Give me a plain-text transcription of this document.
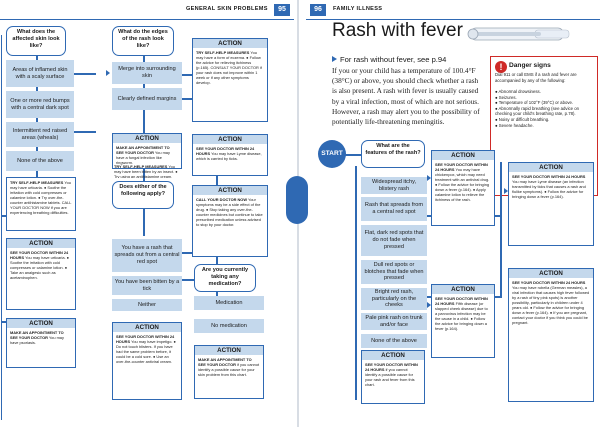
GENERAL SKIN PROBLEMS	95
What does the affected skin look like?
Areas of inflamed skin with a scaly surface
One or more red bumps with a central dark spot
Intermittent red raised areas (wheals)
None of the above
What do the edges of the rash look like?
Merge into surrounding skin
Clearly defined margins
Does either of the following apply?
You have a rash that spreads out from a central red spot
You have been bitten by a tick
Neither
Are you currently taking any medication?
Medication
No medication
ACTION
TRY SELF-HELP MEASURES You may have a form of eczema. ● Follow the advice for relieving itchiness (p.165). CONSULT YOUR DOCTOR if your rash does not improve within 1 week or if any other symptoms develop.
ACTION
MAKE AN APPOINTMENT TO SEE YOUR DOCTOR You may have a fungal infection like ringworm.
ACTION
SEE YOUR DOCTOR WITHIN 24 HOURS You may have Lyme disease, which is carried by ticks.
TRY SELF-HELP MEASURES You may have been bitten by an insect. ● Try using an antihistamine cream.
ACTION
CALL YOUR DOCTOR NOW Your symptoms may be a side effect of the drug. ● Stop taking any over-the-counter medicines but continue to take prescribed medication unless advised to stop by your doctor.
TRY SELF-HELP MEASURES You may have urticaria. ● Soothe the irritation with cold compresses or calamine lotion. ● Try over-the-counter antihistamine tablets. CALL YOUR DOCTOR NOW if you are experiencing breathing difficulties.
ACTION
SEE YOUR DOCTOR WITHIN 24 HOURS You may have urticaria. ● Soothe the irritation with cold compresses or calamine lotion. ● Take an analgesic such as acetaminophen.
ACTION
MAKE AN APPOINTMENT TO SEE YOUR DOCTOR You may have psoriasis.
ACTION
SEE YOUR DOCTOR WITHIN 24 HOURS You may have impetigo. ● Do not touch blisters. If you have had the same problem before, it could be a cold sore. ● Use an over-the-counter antiviral cream.
ACTION
MAKE AN APPOINTMENT TO SEE YOUR DOCTOR if you cannot identify a possible cause for your skin problem from this chart.
96	FAMILY ILLNESS
Rash with fever
For rash without fever, see p.94
If you or your child has a temperature of 100.4°F (38°C) or above, you should check whether a rash is also present. A rash with fever is usually caused by a viral infection, most of which are not serious. However, a rash may alert you to the possibility of potentially life-threatening meningitis.
! Danger signs
Dial 911 or call EMS if a rash and fever are accompanied by any of the following:
● Abnormal drowsiness.
● Seizures.
● Temperature of 102°F (39°C) or above.
● Abnormally rapid breathing (see advice on checking your child's breathing rate, p.78).
● Noisy or difficult breathing.
● Severe headache.
START
What are the features of the rash?
Widespread itchy, blistery rash
Rash that spreads from a central red spot
Flat, dark red spots that do not fade when pressed
Dull red spots or blotches that fade when pressed
Bright red rash, particularly on the cheeks
Pale pink rash on trunk and/or face
None of the above
ACTION
SEE YOUR DOCTOR WITHIN 24 HOURS You may have chickenpox, which may need treatment with an antiviral drug. ● Follow the advice for bringing down a fever (p.164). ● Apply calamine lotion to relieve the itchiness of the rash.
ACTION
SEE YOUR DOCTOR WITHIN 24 HOURS You may have Lyme disease (an infection transmitted by ticks that causes a rash and flulike symptoms). ● Follow the advice for bringing down a fever (p.164).
ACTION
SEE YOUR DOCTOR WITHIN 24 HOURS Fifth disease (or slapped cheek disease) due to a parvovirus infection may be the cause in a child. ● Follow the advice for bringing down a fever (p.164).
ACTION
SEE YOUR DOCTOR WITHIN 24 HOURS You may have rubella (German measles), a viral infection that causes high fever followed by a rash of tiny pink spots) is another possibility, particularly in children under 4 years old. ● Follow the advice for bringing down a fever (p.164). ● If you are pregnant, contact your doctor if you think you could be pregnant.
ACTION
SEE YOUR DOCTOR WITHIN 24 HOURS if you cannot identify a possible cause for your rash and fever from this chart.
